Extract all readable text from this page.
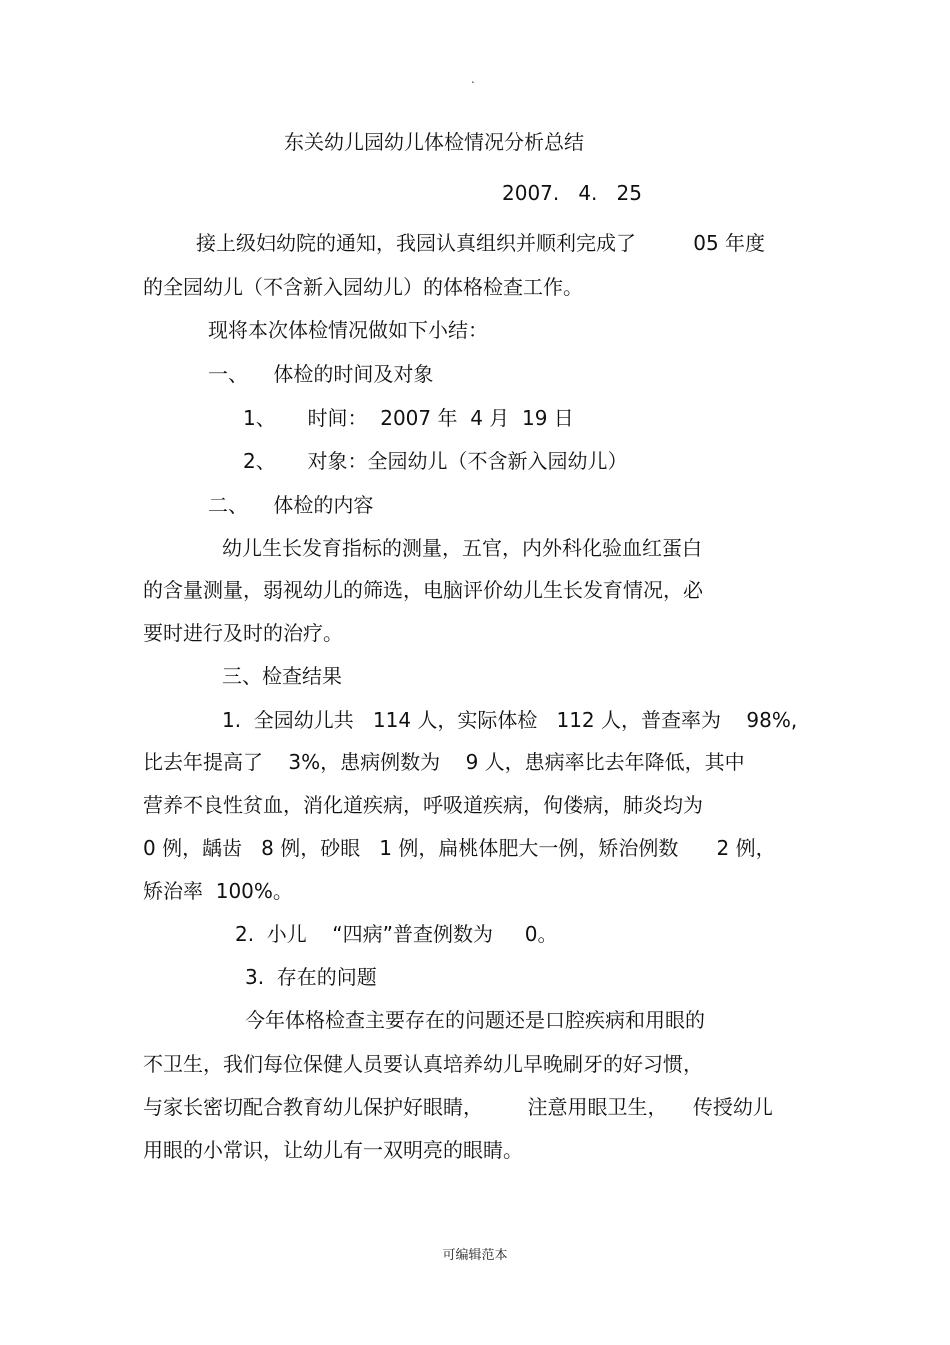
.

东关幼儿园幼儿体检情况分析总结

2007.   4.   25

接上级妇幼院的通知，我园认真组织并顺利完成了         05 年度

的全园幼儿（不含新入园幼儿）的体格检查工作。

现将本次体检情况做如下小结：

一、    体检的时间及对象

1、     时间：  2007 年  4 月  19 日

2、     对象：全园幼儿（不含新入园幼儿）

二、    体检的内容

幼儿生长发育指标的测量，五官，内外科化验血红蛋白

的含量测量，弱视幼儿的筛选，电脑评价幼儿生长发育情况，必

要时进行及时的治疗。

三、检查结果

1.  全园幼儿共   114 人，实际体检   112 人，普查率为    98%,

比去年提高了    3%，患病例数为    9 人，患病率比去年降低，其中

营养不良性贫血，消化道疾病，呼吸道疾病，佝偻病，肺炎均为

0 例，龋齿   8 例，砂眼   1 例，扁桃体肥大一例，矫治例数      2 例，

矫治率  100%。

2.  小儿    “四病”普查例数为     0。

3.  存在的问题

今年体格检查主要存在的问题还是口腔疾病和用眼的

不卫生，我们每位保健人员要认真培养幼儿早晚刷牙的好习惯，

与家长密切配合教育幼儿保护好眼睛，       注意用眼卫生，    传授幼儿

用眼的小常识，让幼儿有一双明亮的眼睛。

可编辑范本
